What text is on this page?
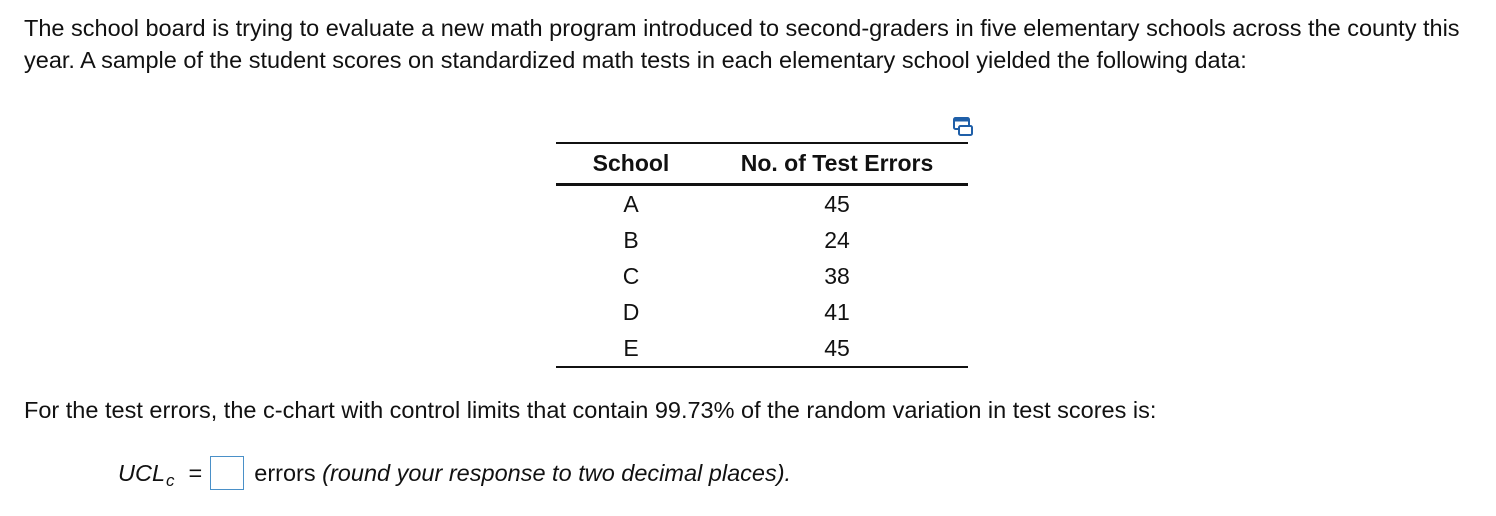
The school board is trying to evaluate a new math program introduced to second-graders in five elementary schools across the county this year. A sample of the student scores on standardized math tests in each elementary school yielded the following data:

School	No. of Test Errors
A	45
B	24
C	38
D	41
E	45

For the test errors, the c-chart with control limits that contain 99.73% of the random variation in test scores is:

UCL c = errors
(round your response to two decimal places).
